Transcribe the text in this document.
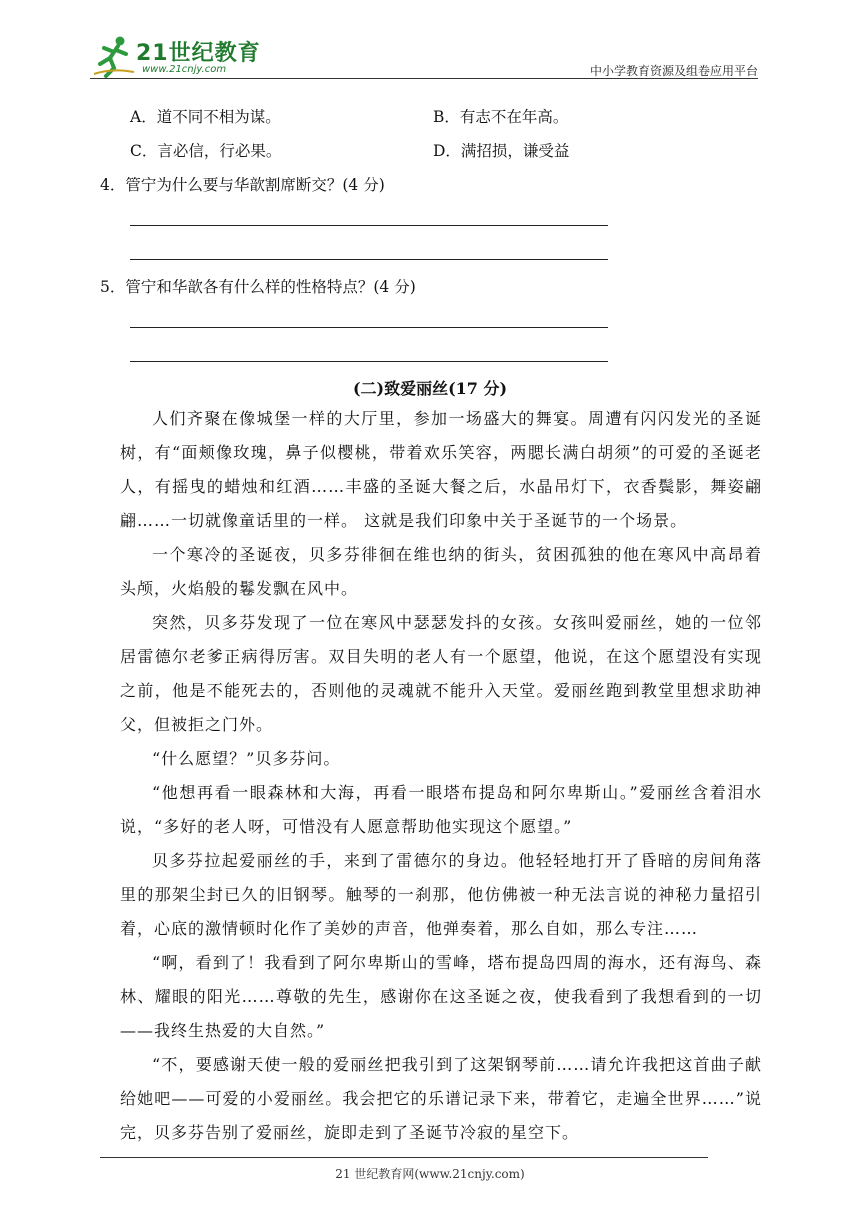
21世纪教育
www.21cnjy.com	中小学教育资源及组卷应用平台
A．道不同不相为谋。	B．有志不在年高。
C．言必信，行必果。	D．满招损，谦受益
4．管宁为什么要与华歆割席断交？(4 分)
5．管宁和华歆各有什么样的性格特点？(4 分)
(二)致爱丽丝(17 分)
人们齐聚在像城堡一样的大厅里，参加一场盛大的舞宴。周遭有闪闪发光的圣诞树，有“面颊像玫瑰，鼻子似樱桃，带着欢乐笑容，两腮长满白胡须”的可爱的圣诞老人，有摇曳的蜡烛和红酒……丰盛的圣诞大餐之后，水晶吊灯下，衣香鬓影，舞姿翩翩……一切就像童话里的一样。 这就是我们印象中关于圣诞节的一个场景。
一个寒冷的圣诞夜，贝多芬徘徊在维也纳的街头，贫困孤独的他在寒风中高昂着头颅，火焰般的鬈发飘在风中。
突然，贝多芬发现了一位在寒风中瑟瑟发抖的女孩。女孩叫爱丽丝，她的一位邻居雷德尔老爹正病得厉害。双目失明的老人有一个愿望，他说，在这个愿望没有实现之前，他是不能死去的，否则他的灵魂就不能升入天堂。爱丽丝跑到教堂里想求助神父，但被拒之门外。
“什么愿望？”贝多芬问。
“他想再看一眼森林和大海，再看一眼塔布提岛和阿尔卑斯山。”爱丽丝含着泪水说，“多好的老人呀，可惜没有人愿意帮助他实现这个愿望。”
贝多芬拉起爱丽丝的手，来到了雷德尔的身边。他轻轻地打开了昏暗的房间角落里的那架尘封已久的旧钢琴。触琴的一刹那，他仿佛被一种无法言说的神秘力量招引着，心底的激情顿时化作了美妙的声音，他弹奏着，那么自如，那么专注……
“啊，看到了！我看到了阿尔卑斯山的雪峰，塔布提岛四周的海水，还有海鸟、森林、耀眼的阳光……尊敬的先生，感谢你在这圣诞之夜，使我看到了我想看到的一切——我终生热爱的大自然。”
“不，要感谢天使一般的爱丽丝把我引到了这架钢琴前……请允许我把这首曲子献给她吧——可爱的小爱丽丝。我会把它的乐谱记录下来，带着它，走遍全世界……”说完，贝多芬告别了爱丽丝，旋即走到了圣诞节冷寂的星空下。
21 世纪教育网(www.21cnjy.com)
